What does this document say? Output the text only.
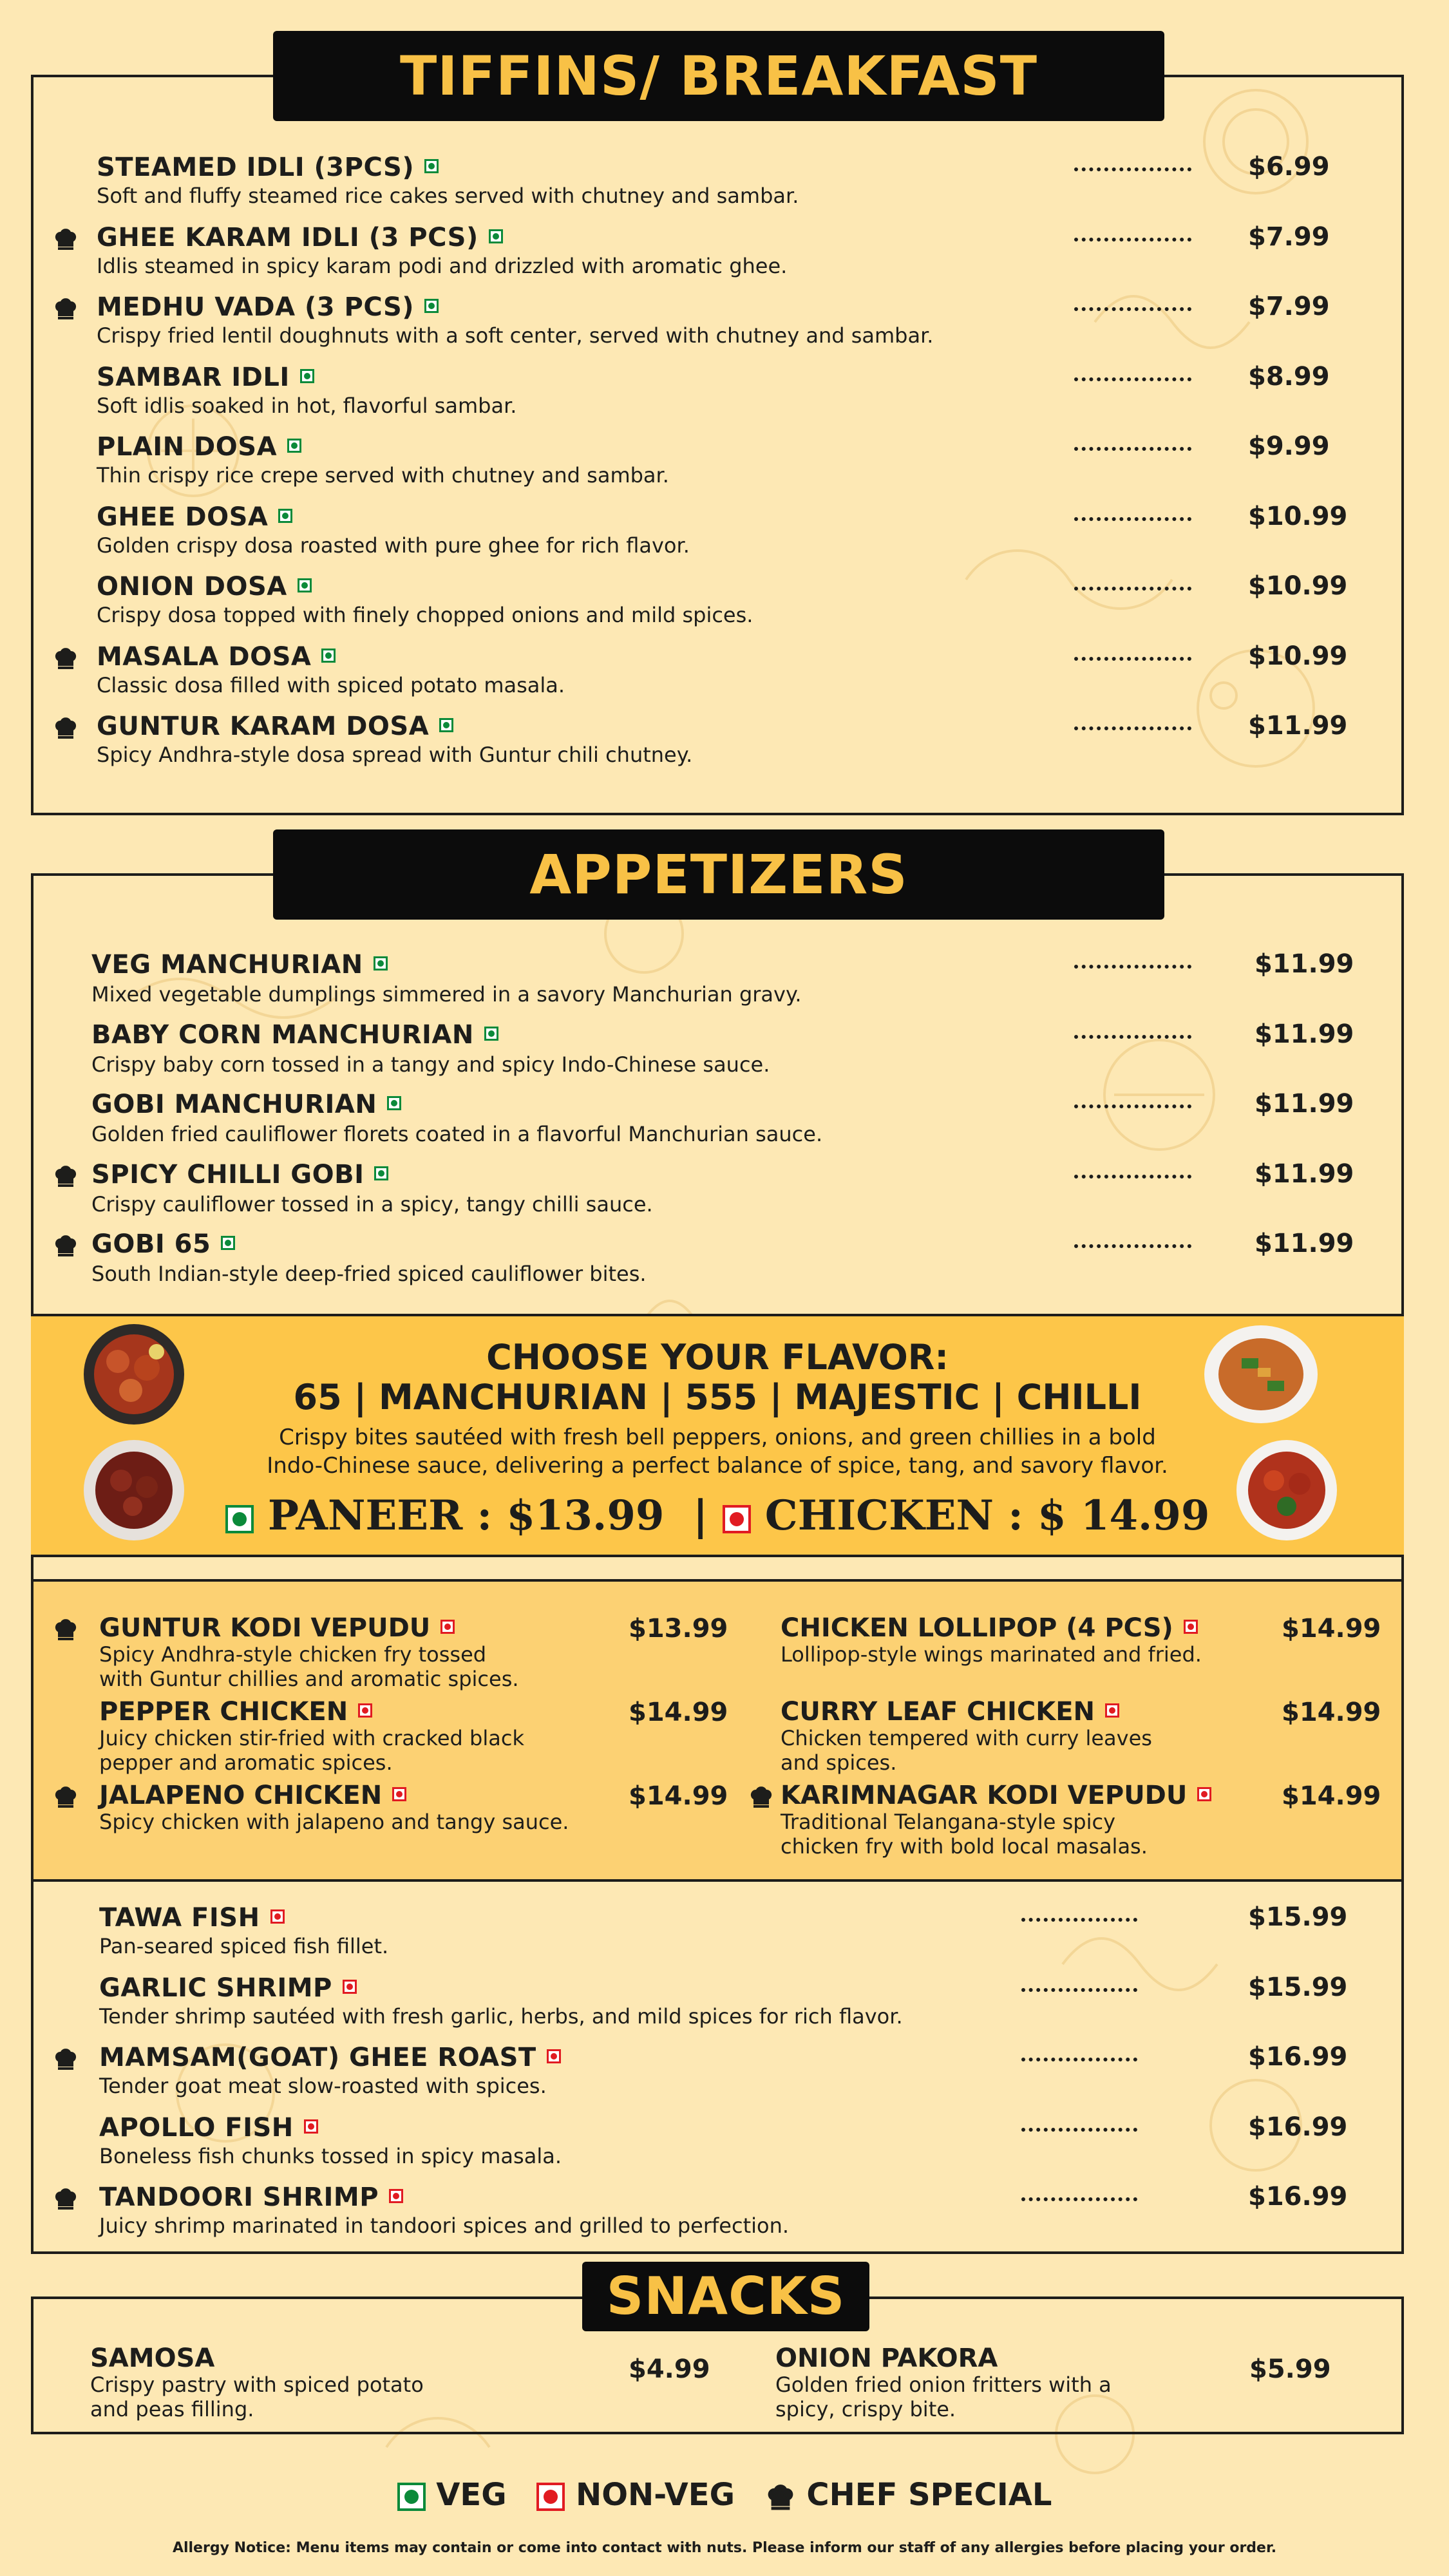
TIFFINS/ BREAKFAST
STEAMED IDLI (3PCS)
Soft and fluffy steamed rice cakes served with chutney and sambar.
$6.99
GHEE KARAM IDLI (3 PCS)
Idlis steamed in spicy karam podi and drizzled with aromatic ghee.
$7.99
MEDHU VADA (3 PCS)
Crispy fried lentil doughnuts with a soft center, served with chutney and sambar.
$7.99
SAMBAR IDLI
Soft idlis soaked in hot, flavorful sambar.
$8.99
PLAIN DOSA
Thin crispy rice crepe served with chutney and sambar.
$9.99
GHEE DOSA
Golden crispy dosa roasted with pure ghee for rich flavor.
$10.99
ONION DOSA
Crispy dosa topped with finely chopped onions and mild spices.
$10.99
MASALA DOSA
Classic dosa filled with spiced potato masala.
$10.99
GUNTUR KARAM DOSA
Spicy Andhra-style dosa spread with Guntur chili chutney.
$11.99
APPETIZERS
VEG MANCHURIAN
Mixed vegetable dumplings simmered in a savory Manchurian gravy.
$11.99
BABY CORN MANCHURIAN
Crispy baby corn tossed in a tangy and spicy Indo-Chinese sauce.
$11.99
GOBI MANCHURIAN
Golden fried cauliflower florets coated in a flavorful Manchurian sauce.
$11.99
SPICY CHILLI GOBI
Crispy cauliflower tossed in a spicy, tangy chilli sauce.
$11.99
GOBI 65
South Indian-style deep-fried spiced cauliflower bites.
$11.99
CHOOSE YOUR FLAVOR:
65 | MANCHURIAN | 555 | MAJESTIC | CHILLI
Crispy bites sautéed with fresh bell peppers, onions, and green chillies in a bold
Indo-Chinese sauce, delivering a perfect balance of spice, tang, and savory flavor.
PANEER : $13.99 | CHICKEN : $ 14.99
GUNTUR KODI VEPUDU
Spicy Andhra-style chicken fry tossed
with Guntur chillies and aromatic spices.
$13.99
PEPPER CHICKEN
Juicy chicken stir-fried with cracked black
pepper and aromatic spices.
$14.99
JALAPENO CHICKEN
Spicy chicken with jalapeno and tangy sauce.
$14.99
CHICKEN LOLLIPOP (4 PCS)
Lollipop-style wings marinated and fried.
$14.99
CURRY LEAF CHICKEN
Chicken tempered with curry leaves
and spices.
$14.99
KARIMNAGAR KODI VEPUDU
Traditional Telangana-style spicy
chicken fry with bold local masalas.
$14.99
TAWA FISH
Pan-seared spiced fish fillet.
$15.99
GARLIC SHRIMP
Tender shrimp sautéed with fresh garlic, herbs, and mild spices for rich flavor.
$15.99
MAMSAM(GOAT) GHEE ROAST
Tender goat meat slow-roasted with spices.
$16.99
APOLLO FISH
Boneless fish chunks tossed in spicy masala.
$16.99
TANDOORI SHRIMP
Juicy shrimp marinated in tandoori spices and grilled to perfection.
$16.99
SNACKS
SAMOSA
Crispy pastry with spiced potato
and peas filling.
$4.99	ONION PAKORA
Golden fried onion fritters with a
spicy, crispy bite.
$5.99
VEG NON-VEG CHEF SPECIAL
Allergy Notice: Menu items may contain or come into contact with nuts. Please inform our staff of any allergies before placing your order.
